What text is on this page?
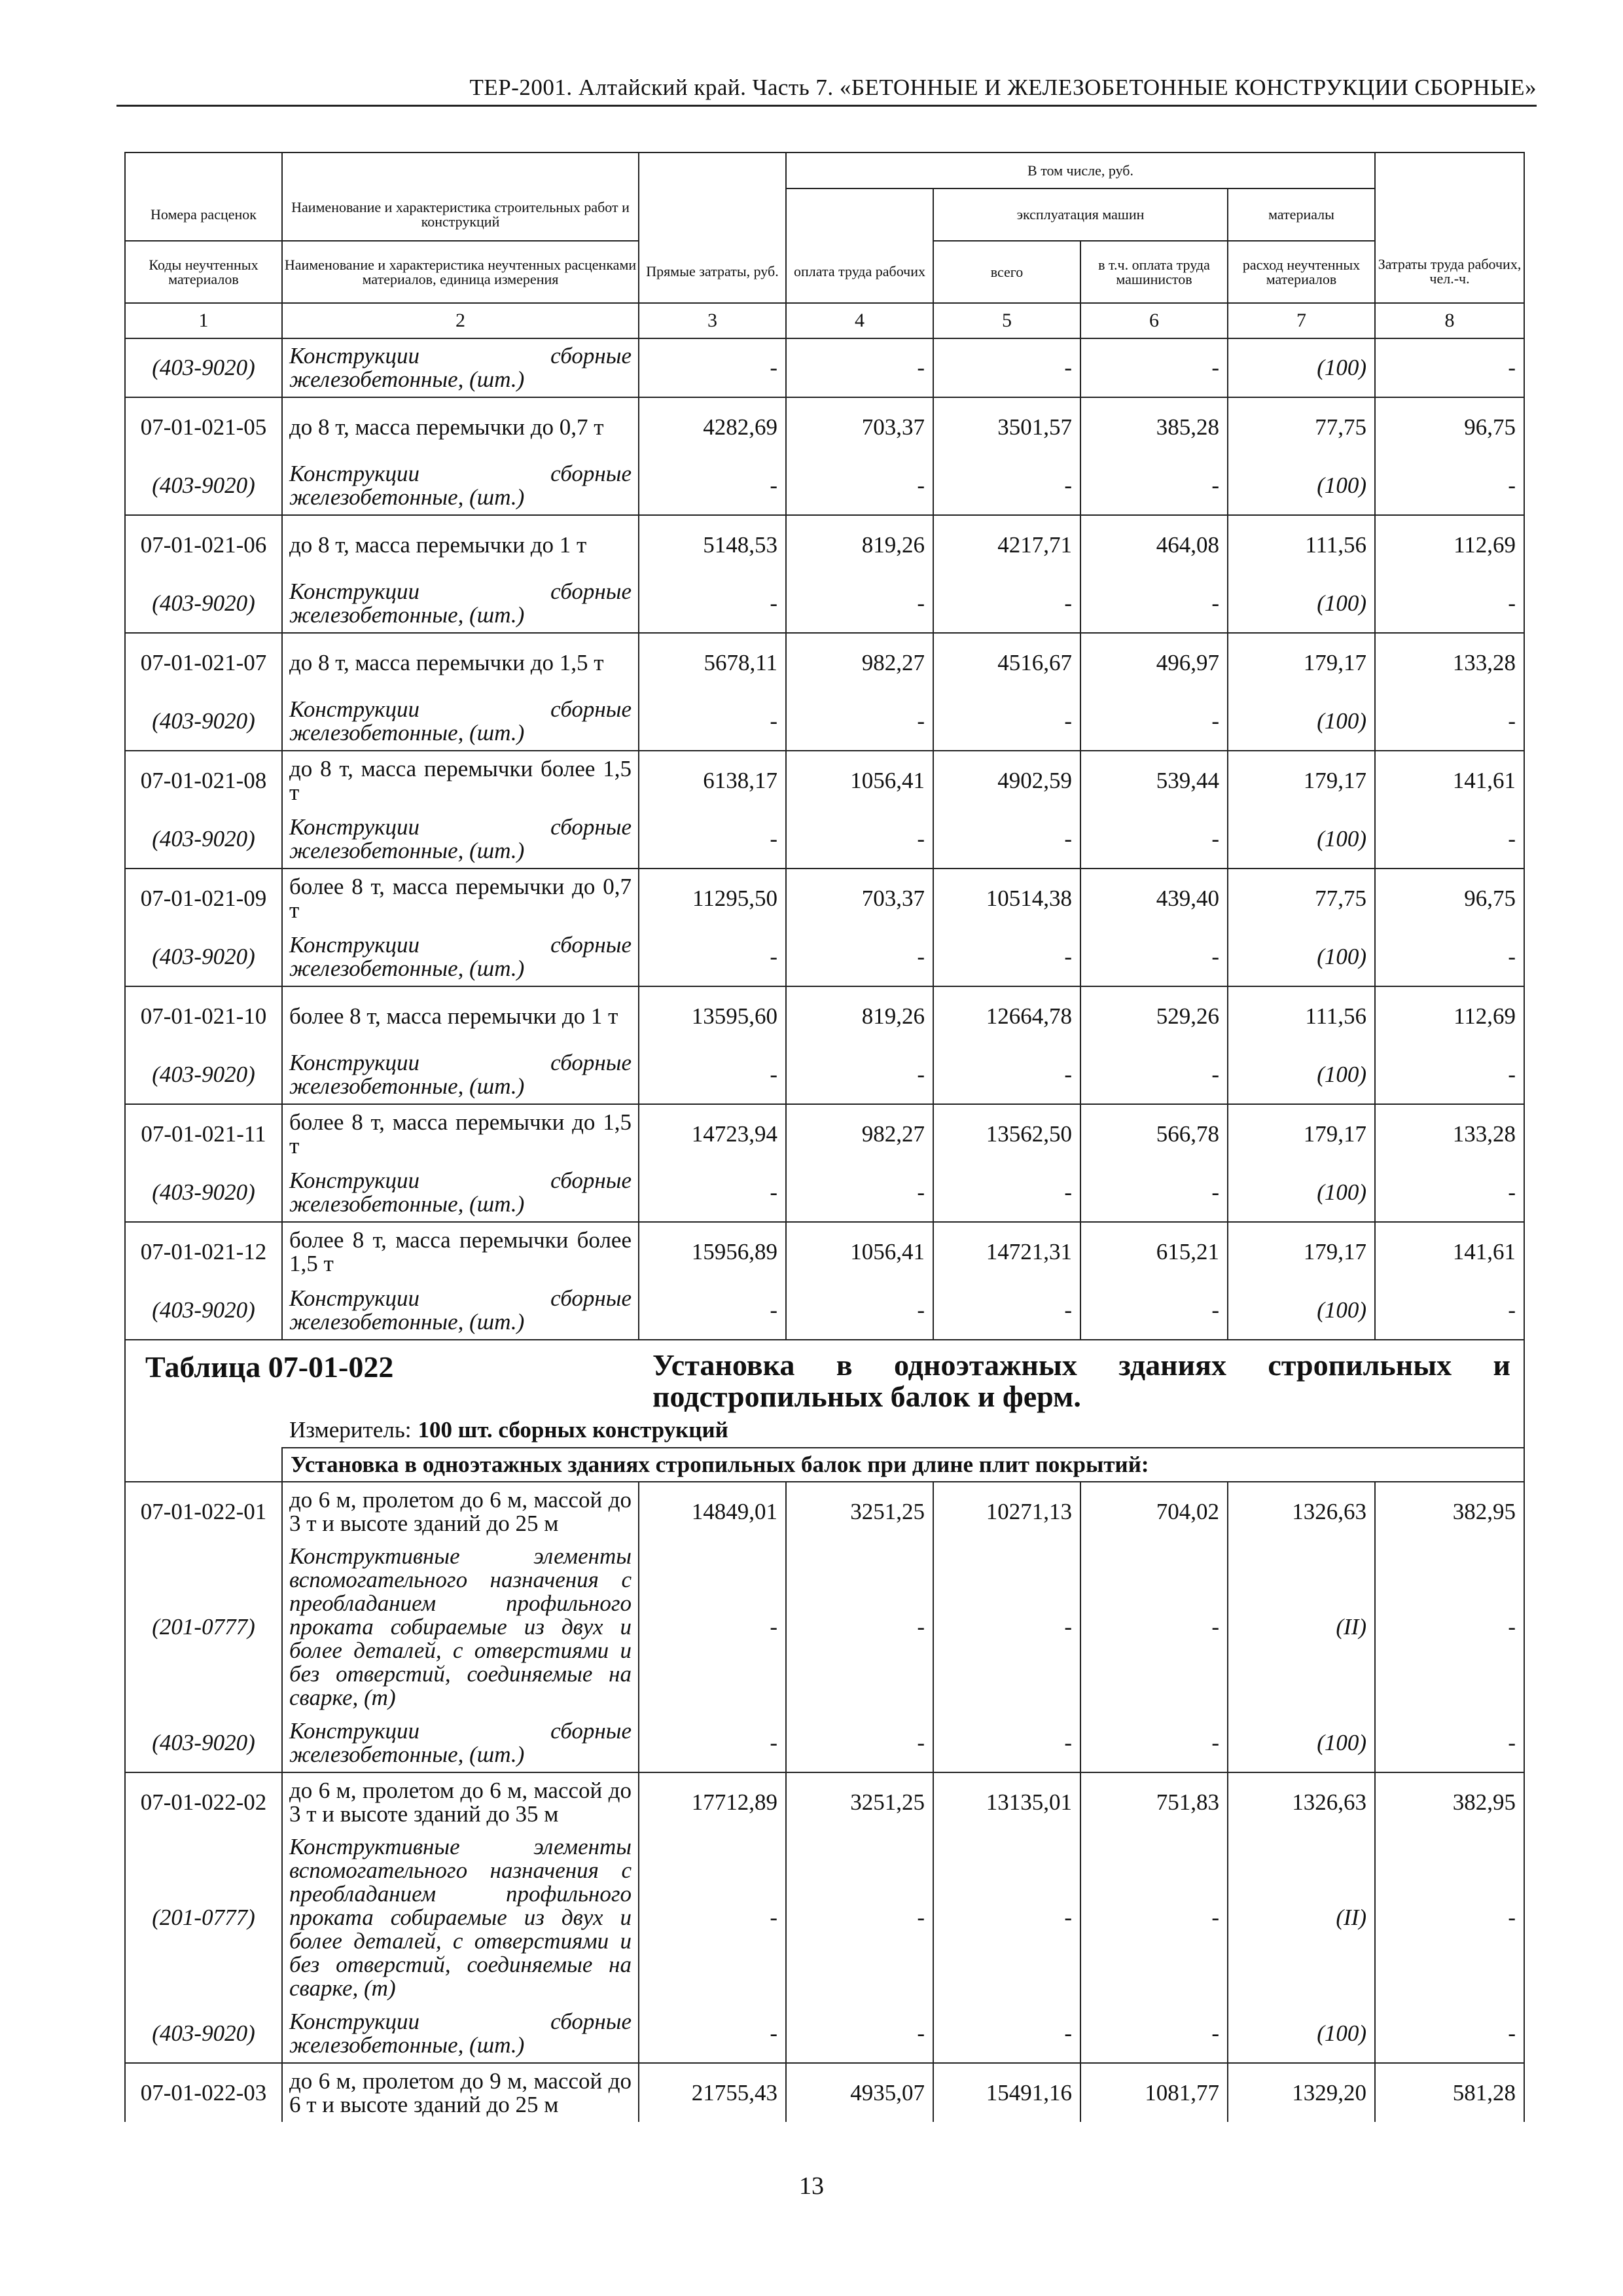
ТЕР-2001. Алтайский край. Часть 7. «БЕТОННЫЕ И ЖЕЛЕЗОБЕТОННЫЕ КОНСТРУКЦИИ СБОРНЫЕ»
			В том числе, руб.				
Номера расценок	Наименование и характеристика строительных работ и конструкций			эксплуатация машин		материалы	
Коды неучтенных материалов	Наименование и характеристика неучтенных расценками материалов, единица измерения	Прямые затраты, руб.	оплата труда рабочих	всего	в т.ч. оплата труда машинистов	расход неучтенных материалов	Затраты труда рабочих, чел.-ч.
1	2	3	4	5	6	7	8
(403-9020)	Конструкции сборные железобетонные, (шт.)	-	-	-	-	(100)	-
07-01-021-05	до 8 т, масса перемычки до 0,7 т	4282,69	703,37	3501,57	385,28	77,75	96,75
(403-9020)	Конструкции сборные железобетонные, (шт.)	-	-	-	-	(100)	-
07-01-021-06	до 8 т, масса перемычки до 1 т	5148,53	819,26	4217,71	464,08	111,56	112,69
(403-9020)	Конструкции сборные железобетонные, (шт.)	-	-	-	-	(100)	-
07-01-021-07	до 8 т, масса перемычки до 1,5 т	5678,11	982,27	4516,67	496,97	179,17	133,28
(403-9020)	Конструкции сборные железобетонные, (шт.)	-	-	-	-	(100)	-
07-01-021-08	до 8 т, масса перемычки более 1,5 т	6138,17	1056,41	4902,59	539,44	179,17	141,61
(403-9020)	Конструкции сборные железобетонные, (шт.)	-	-	-	-	(100)	-
07-01-021-09	более 8 т, масса перемычки до 0,7 т	11295,50	703,37	10514,38	439,40	77,75	96,75
(403-9020)	Конструкции сборные железобетонные, (шт.)	-	-	-	-	(100)	-
07-01-021-10	более 8 т, масса перемычки до 1 т	13595,60	819,26	12664,78	529,26	111,56	112,69
(403-9020)	Конструкции сборные железобетонные, (шт.)	-	-	-	-	(100)	-
07-01-021-11	более 8 т, масса перемычки до 1,5 т	14723,94	982,27	13562,50	566,78	179,17	133,28
(403-9020)	Конструкции сборные железобетонные, (шт.)	-	-	-	-	(100)	-
07-01-021-12	более 8 т, масса перемычки более 1,5 т	15956,89	1056,41	14721,31	615,21	179,17	141,61
(403-9020)	Конструкции сборные железобетонные, (шт.)	-	-	-	-	(100)	-

Таблица 07-01-022 Установка в одноэтажных зданиях стропильных и подстропильных балок и ферм.
Измеритель: 100 шт. сборных конструкций							

	Установка в одноэтажных зданиях стропильных балок при длине плит покрытий:						
07-01-022-01	до 6 м, пролетом до 6 м, массой до 3 т и высоте зданий до 25 м	14849,01	3251,25	10271,13	704,02	1326,63	382,95
(201-0777)	Конструктивные элементы вспомогательного назначения с преобладанием профильного проката собираемые из двух и более деталей, с отверстиями и без отверстий, соединяемые на сварке, (т)	-	-	-	-	(II)	-
(403-9020)	Конструкции сборные железобетонные, (шт.)	-	-	-	-	(100)	-
07-01-022-02	до 6 м, пролетом до 6 м, массой до 3 т и высоте зданий до 35 м	17712,89	3251,25	13135,01	751,83	1326,63	382,95
(201-0777)	Конструктивные элементы вспомогательного назначения с преобладанием профильного проката собираемые из двух и более деталей, с отверстиями и без отверстий, соединяемые на сварке, (т)	-	-	-	-	(II)	-
(403-9020)	Конструкции сборные железобетонные, (шт.)	-	-	-	-	(100)	-
07-01-022-03	до 6 м, пролетом до 9 м, массой до 6 т и высоте зданий до 25 м	21755,43	4935,07	15491,16	1081,77	1329,20	581,28
13
